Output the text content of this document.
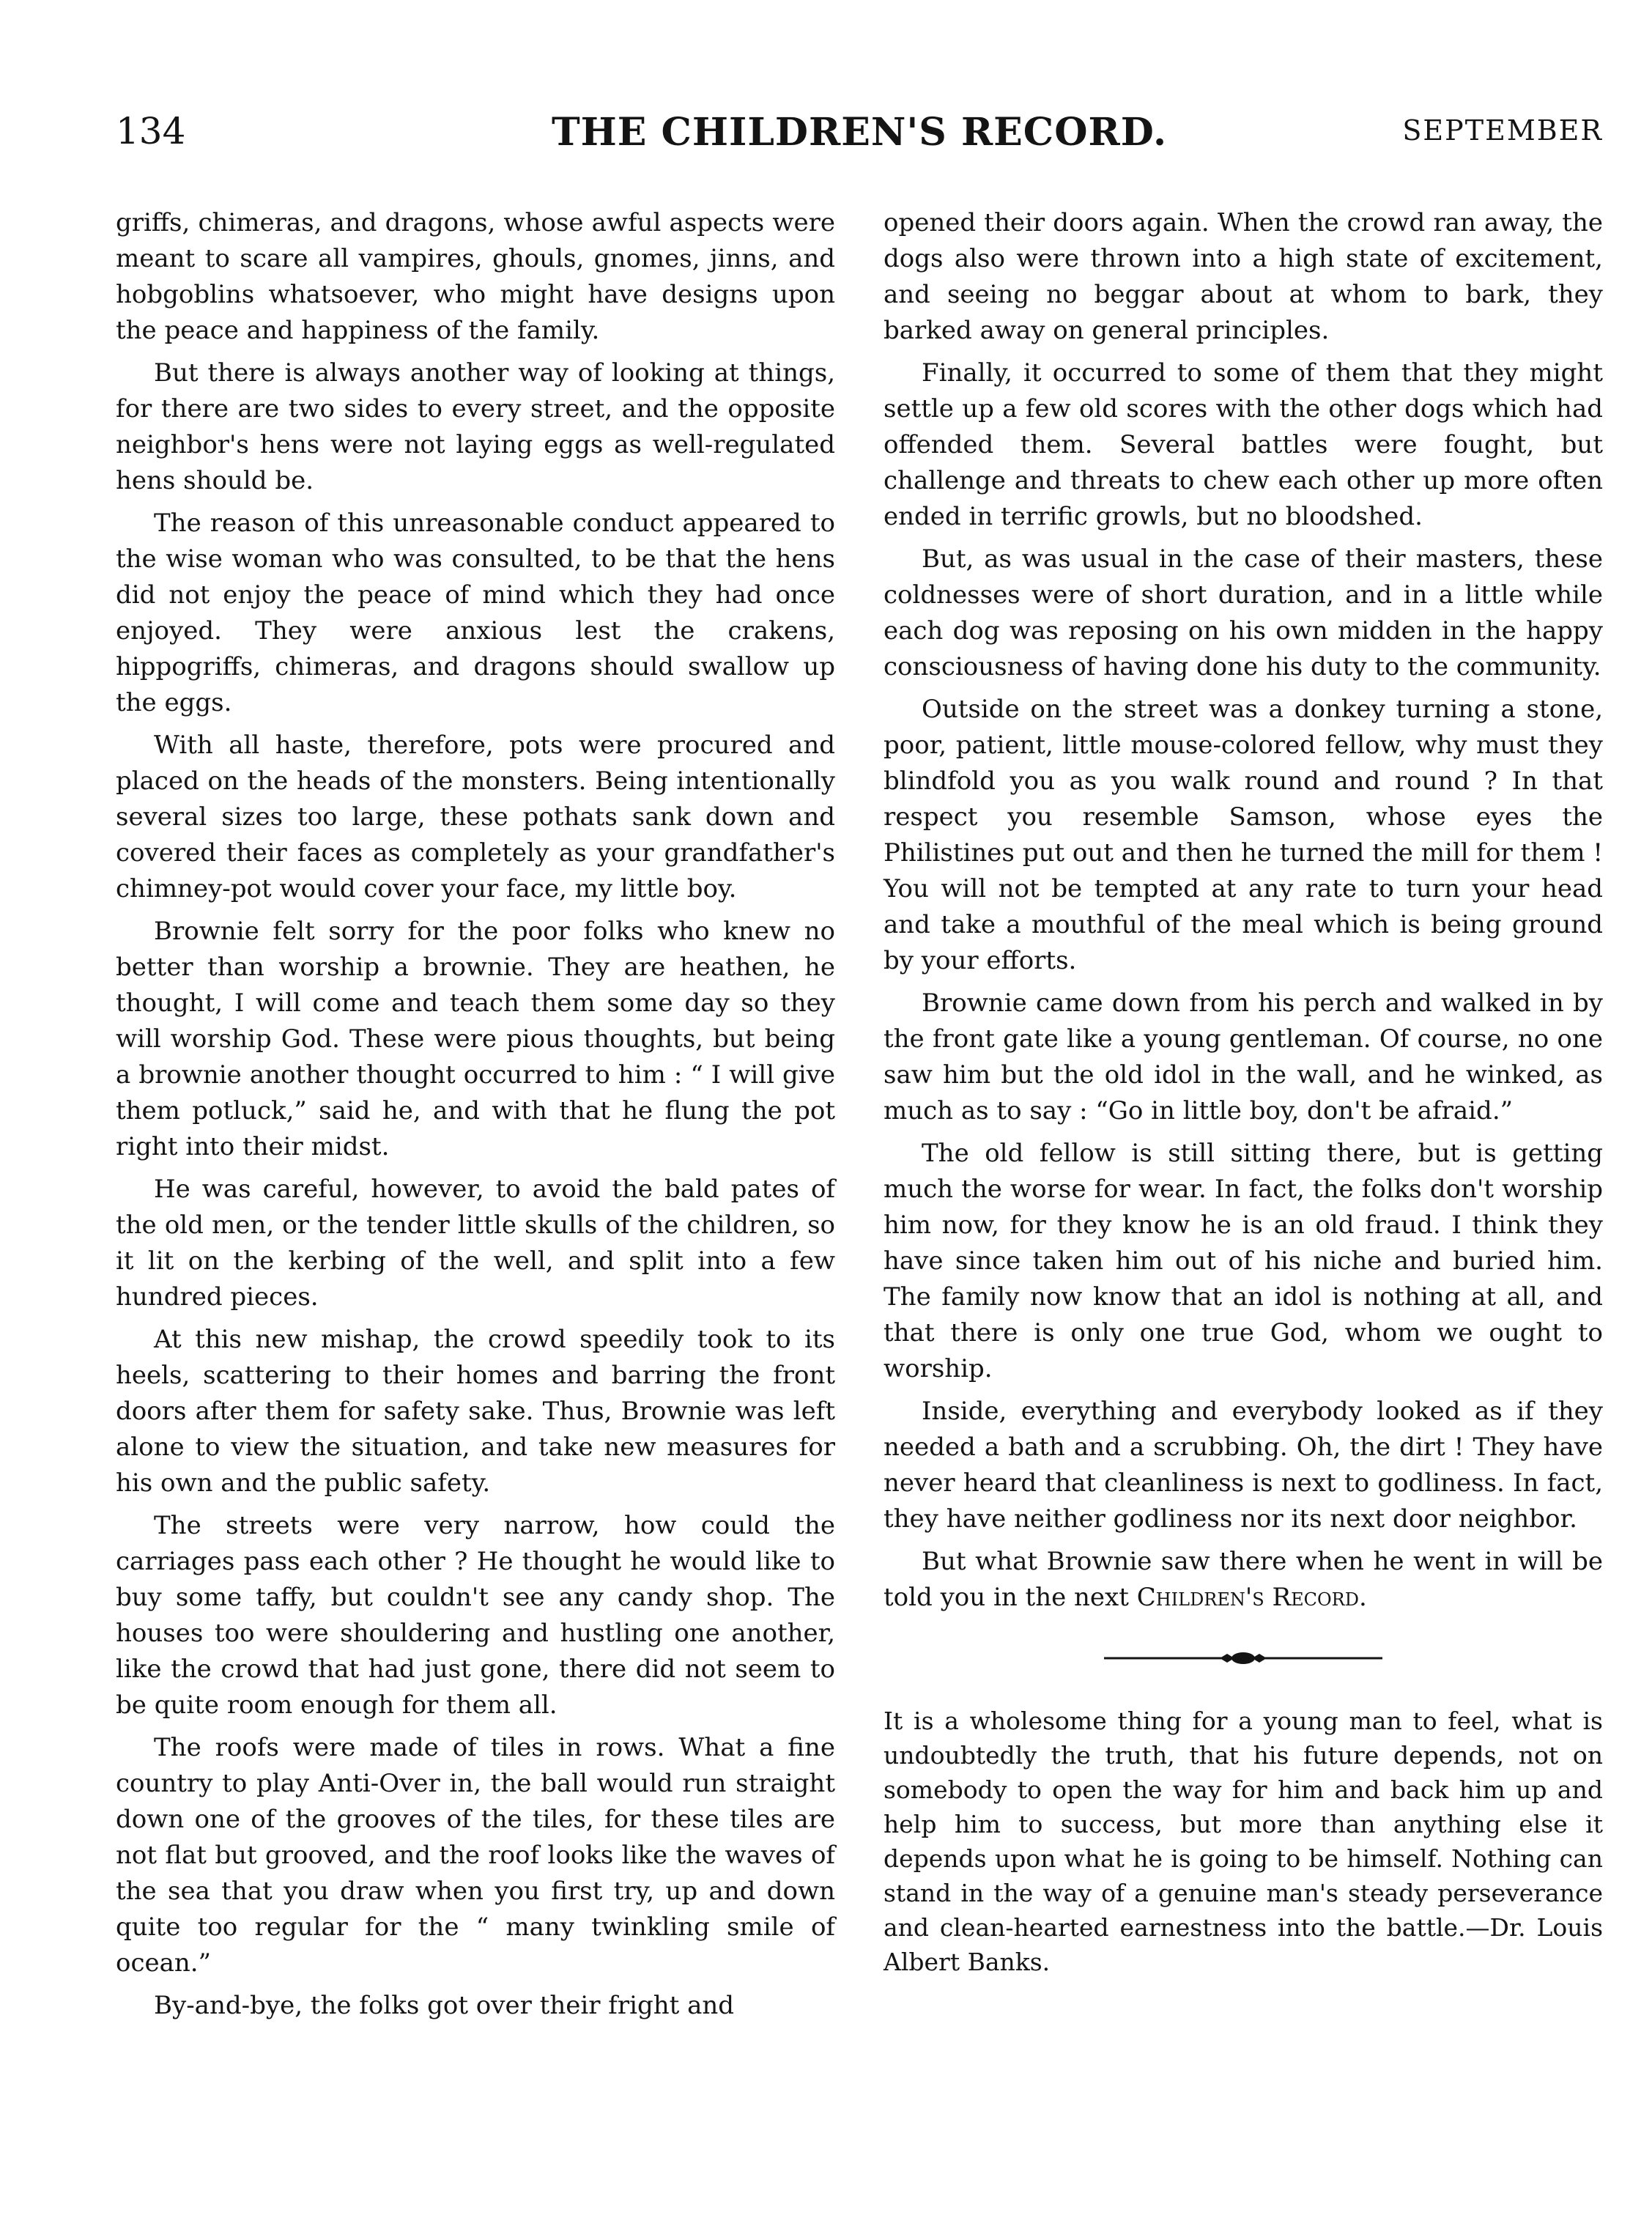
134	THE CHILDREN'S RECORD.	SEPTEMBER

griffs, chimeras, and dragons, whose awful aspects were meant to scare all vampires, ghouls, gnomes, jinns, and hobgoblins whatsoever, who might have designs upon the peace and happiness of the family.

But there is always another way of looking at things, for there are two sides to every street, and the opposite neighbor's hens were not laying eggs as well-regulated hens should be.

The reason of this unreasonable conduct appeared to the wise woman who was consulted, to be that the hens did not enjoy the peace of mind which they had once enjoyed. They were anxious lest the crakens, hippogriffs, chimeras, and dragons should swallow up the eggs.

With all haste, therefore, pots were procured and placed on the heads of the monsters. Being intentionally several sizes too large, these pothats sank down and covered their faces as completely as your grandfather's chimney-pot would cover your face, my little boy.

Brownie felt sorry for the poor folks who knew no better than worship a brownie. They are heathen, he thought, I will come and teach them some day so they will worship God. These were pious thoughts, but being a brownie another thought occurred to him : “ I will give them potluck,” said he, and with that he flung the pot right into their midst.

He was careful, however, to avoid the bald pates of the old men, or the tender little skulls of the children, so it lit on the kerbing of the well, and split into a few hundred pieces.

At this new mishap, the crowd speedily took to its heels, scattering to their homes and barring the front doors after them for safety sake. Thus, Brownie was left alone to view the situation, and take new measures for his own and the public safety.

The streets were very narrow, how could the carriages pass each other ? He thought he would like to buy some taffy, but couldn't see any candy shop. The houses too were shouldering and hustling one another, like the crowd that had just gone, there did not seem to be quite room enough for them all.

The roofs were made of tiles in rows. What a fine country to play Anti-Over in, the ball would run straight down one of the grooves of the tiles, for these tiles are not flat but grooved, and the roof looks like the waves of the sea that you draw when you first try, up and down quite too regular for the “ many twinkling smile of ocean.”

By-and-bye, the folks got over their fright and

opened their doors again. When the crowd ran away, the dogs also were thrown into a high state of excitement, and seeing no beggar about at whom to bark, they barked away on general principles.

Finally, it occurred to some of them that they might settle up a few old scores with the other dogs which had offended them. Several battles were fought, but challenge and threats to chew each other up more often ended in terrific growls, but no bloodshed.

But, as was usual in the case of their masters, these coldnesses were of short duration, and in a little while each dog was reposing on his own midden in the happy consciousness of having done his duty to the community.

Outside on the street was a donkey turning a stone, poor, patient, little mouse-colored fellow, why must they blindfold you as you walk round and round ? In that respect you resemble Samson, whose eyes the Philistines put out and then he turned the mill for them ! You will not be tempted at any rate to turn your head and take a mouthful of the meal which is being ground by your efforts.

Brownie came down from his perch and walked in by the front gate like a young gentleman. Of course, no one saw him but the old idol in the wall, and he winked, as much as to say : “Go in little boy, don't be afraid.”

The old fellow is still sitting there, but is getting much the worse for wear. In fact, the folks don't worship him now, for they know he is an old fraud. I think they have since taken him out of his niche and buried him. The family now know that an idol is nothing at all, and that there is only one true God, whom we ought to worship.

Inside, everything and everybody looked as if they needed a bath and a scrubbing. Oh, the dirt ! They have never heard that cleanliness is next to godliness. In fact, they have neither godliness nor its next door neighbor.

But what Brownie saw there when he went in will be told you in the next Children's Record.

It is a wholesome thing for a young man to feel, what is undoubtedly the truth, that his future depends, not on somebody to open the way for him and back him up and help him to success, but more than anything else it depends upon what he is going to be himself. Nothing can stand in the way of a genuine man's steady perseverance and clean-hearted earnestness into the battle.—Dr. Louis Albert Banks.
